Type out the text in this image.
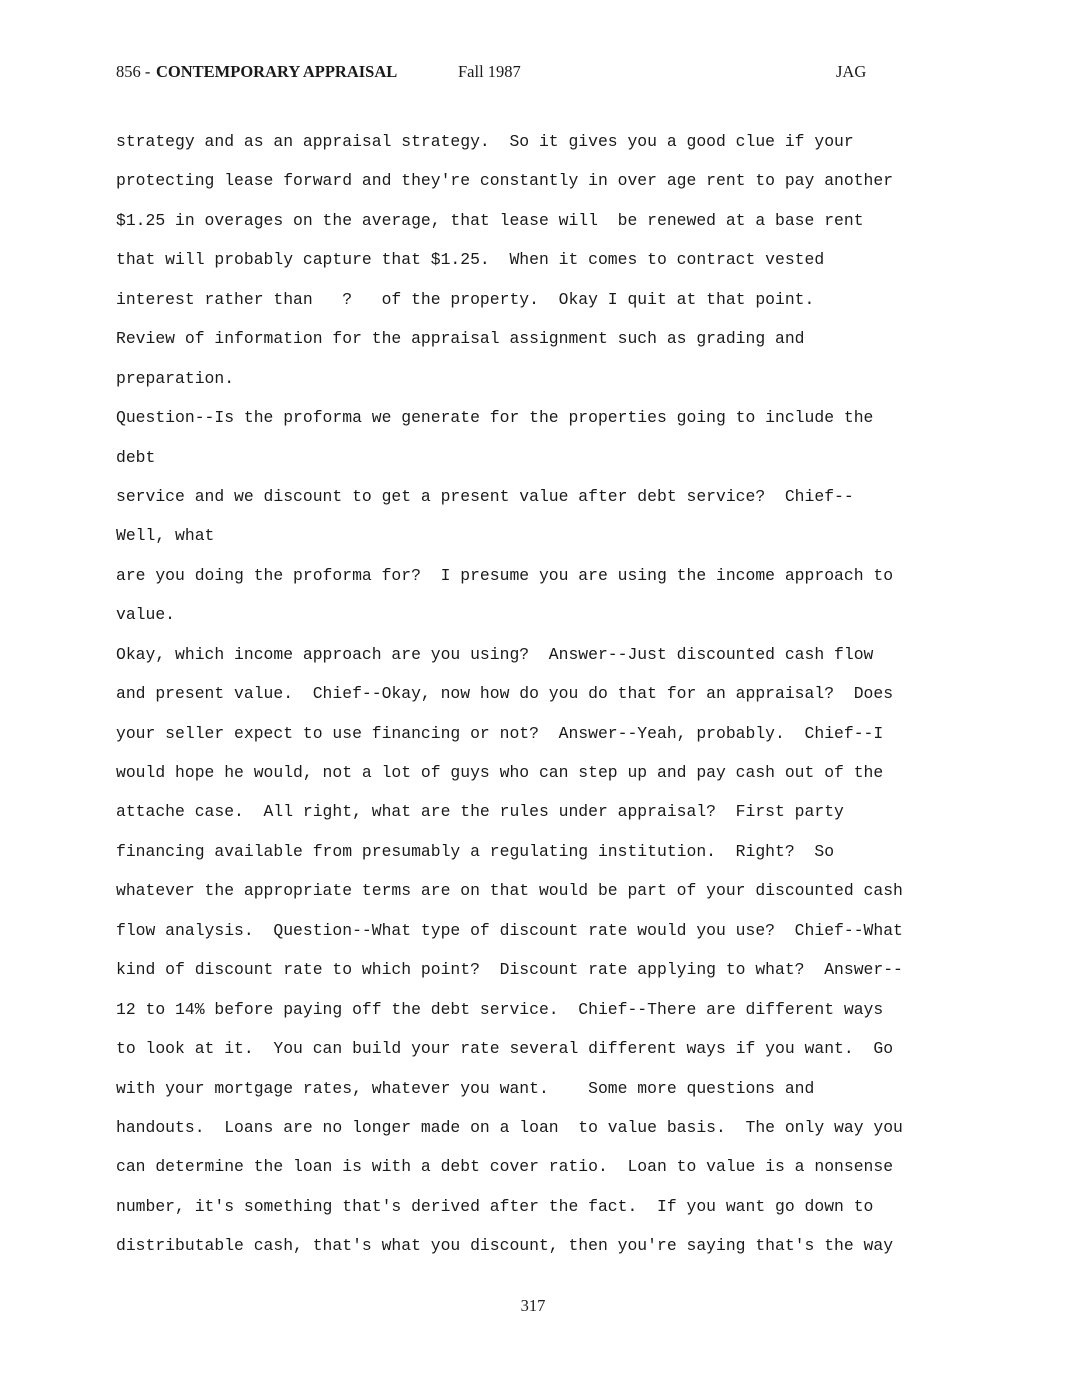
856 - CONTEMPORARY APPRAISAL	Fall 1987	JAG
strategy and as an appraisal strategy.  So it gives you a good clue if your
protecting lease forward and they're constantly in over age rent to pay another
$1.25 in overages on the average, that lease will  be renewed at a base rent
that will probably capture that $1.25.  When it comes to contract vested
interest rather than   ?   of the property.  Okay I quit at that point.
Review of information for the appraisal assignment such as grading and
preparation.
Question--Is the proforma we generate for the properties going to include the
debt
service and we discount to get a present value after debt service?  Chief--
Well, what
are you doing the proforma for?  I presume you are using the income approach to
value.
Okay, which income approach are you using?  Answer--Just discounted cash flow
and present value.  Chief--Okay, now how do you do that for an appraisal?  Does
your seller expect to use financing or not?  Answer--Yeah, probably.  Chief--I
would hope he would, not a lot of guys who can step up and pay cash out of the
attache case.  All right, what are the rules under appraisal?  First party
financing available from presumably a regulating institution.  Right?  So
whatever the appropriate terms are on that would be part of your discounted cash
flow analysis.  Question--What type of discount rate would you use?  Chief--What
kind of discount rate to which point?  Discount rate applying to what?  Answer--
12 to 14% before paying off the debt service.  Chief--There are different ways
to look at it.  You can build your rate several different ways if you want.  Go
with your mortgage rates, whatever you want.    Some more questions and
handouts.  Loans are no longer made on a loan  to value basis.  The only way you
can determine the loan is with a debt cover ratio.  Loan to value is a nonsense
number, it's something that's derived after the fact.  If you want go down to
distributable cash, that's what you discount, then you're saying that's the way
317
